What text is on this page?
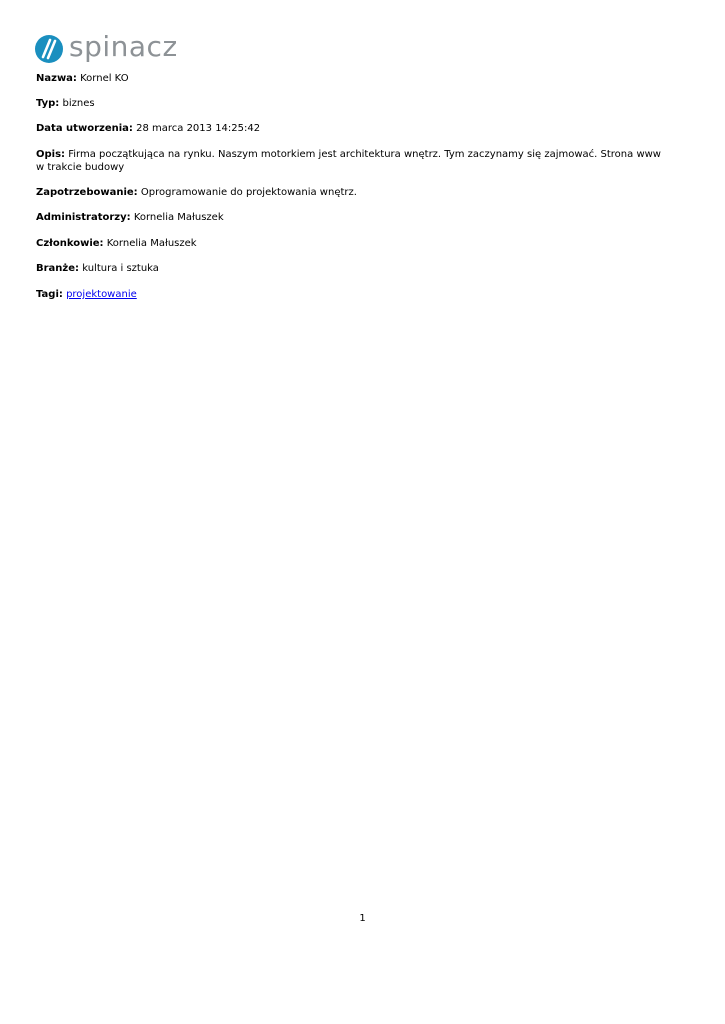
spinacz

Nazwa: Kornel KO

Typ: biznes

Data utworzenia: 28 marca 2013 14:25:42

Opis: Firma początkująca na rynku. Naszym motorkiem jest architektura wnętrz. Tym zaczynamy się zajmować. Strona www w trakcie budowy

Zapotrzebowanie: Oprogramowanie do projektowania wnętrz.

Administratorzy: Kornelia Małuszek

Członkowie: Kornelia Małuszek

Branże: kultura i sztuka

Tagi: projektowanie

1
